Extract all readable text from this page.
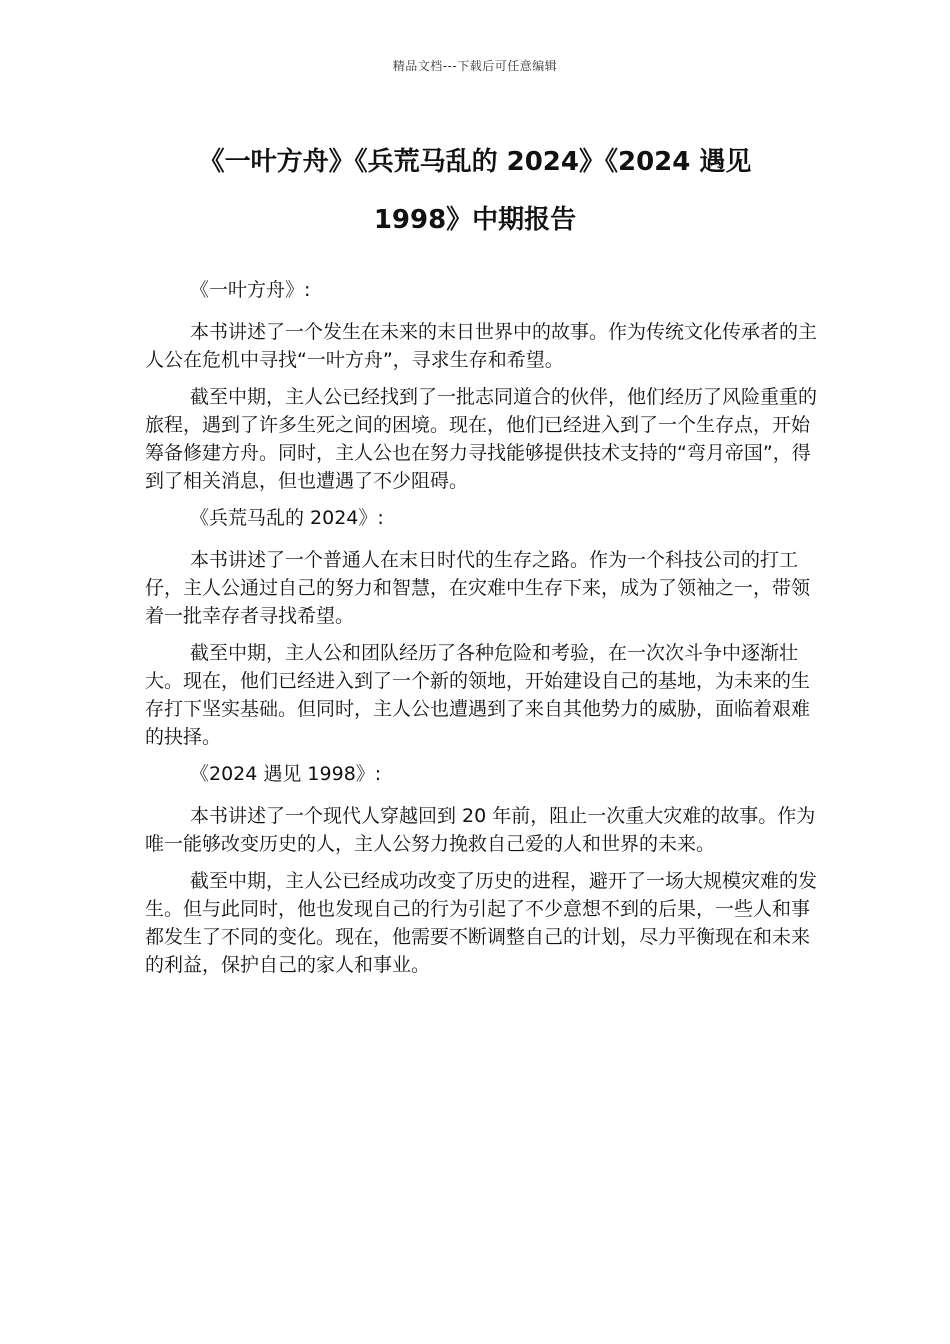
精品文档---下载后可任意编辑
《一叶方舟》《兵荒马乱的 2024》《2024 遇见
1998》中期报告

《一叶方舟》:

本书讲述了一个发生在未来的末日世界中的故事。作为传统文化传承者的主人公在危机中寻找“一叶方舟”，寻求生存和希望。

截至中期，主人公已经找到了一批志同道合的伙伴，他们经历了风险重重的旅程，遇到了许多生死之间的困境。现在，他们已经进入到了一个生存点，开始筹备修建方舟。同时，主人公也在努力寻找能够提供技术支持的“弯月帝国”，得到了相关消息，但也遭遇了不少阻碍。

《兵荒马乱的 2024》:

本书讲述了一个普通人在末日时代的生存之路。作为一个科技公司的打工仔，主人公通过自己的努力和智慧，在灾难中生存下来，成为了领袖之一，带领着一批幸存者寻找希望。

截至中期，主人公和团队经历了各种危险和考验，在一次次斗争中逐渐壮大。现在，他们已经进入到了一个新的领地，开始建设自己的基地，为未来的生存打下坚实基础。但同时，主人公也遭遇到了来自其他势力的威胁，面临着艰难的抉择。

《2024 遇见 1998》:

本书讲述了一个现代人穿越回到 20 年前，阻止一次重大灾难的故事。作为唯一能够改变历史的人，主人公努力挽救自己爱的人和世界的未来。

截至中期，主人公已经成功改变了历史的进程，避开了一场大规模灾难的发生。但与此同时，他也发现自己的行为引起了不少意想不到的后果，一些人和事都发生了不同的变化。现在，他需要不断调整自己的计划，尽力平衡现在和未来的利益，保护自己的家人和事业。
